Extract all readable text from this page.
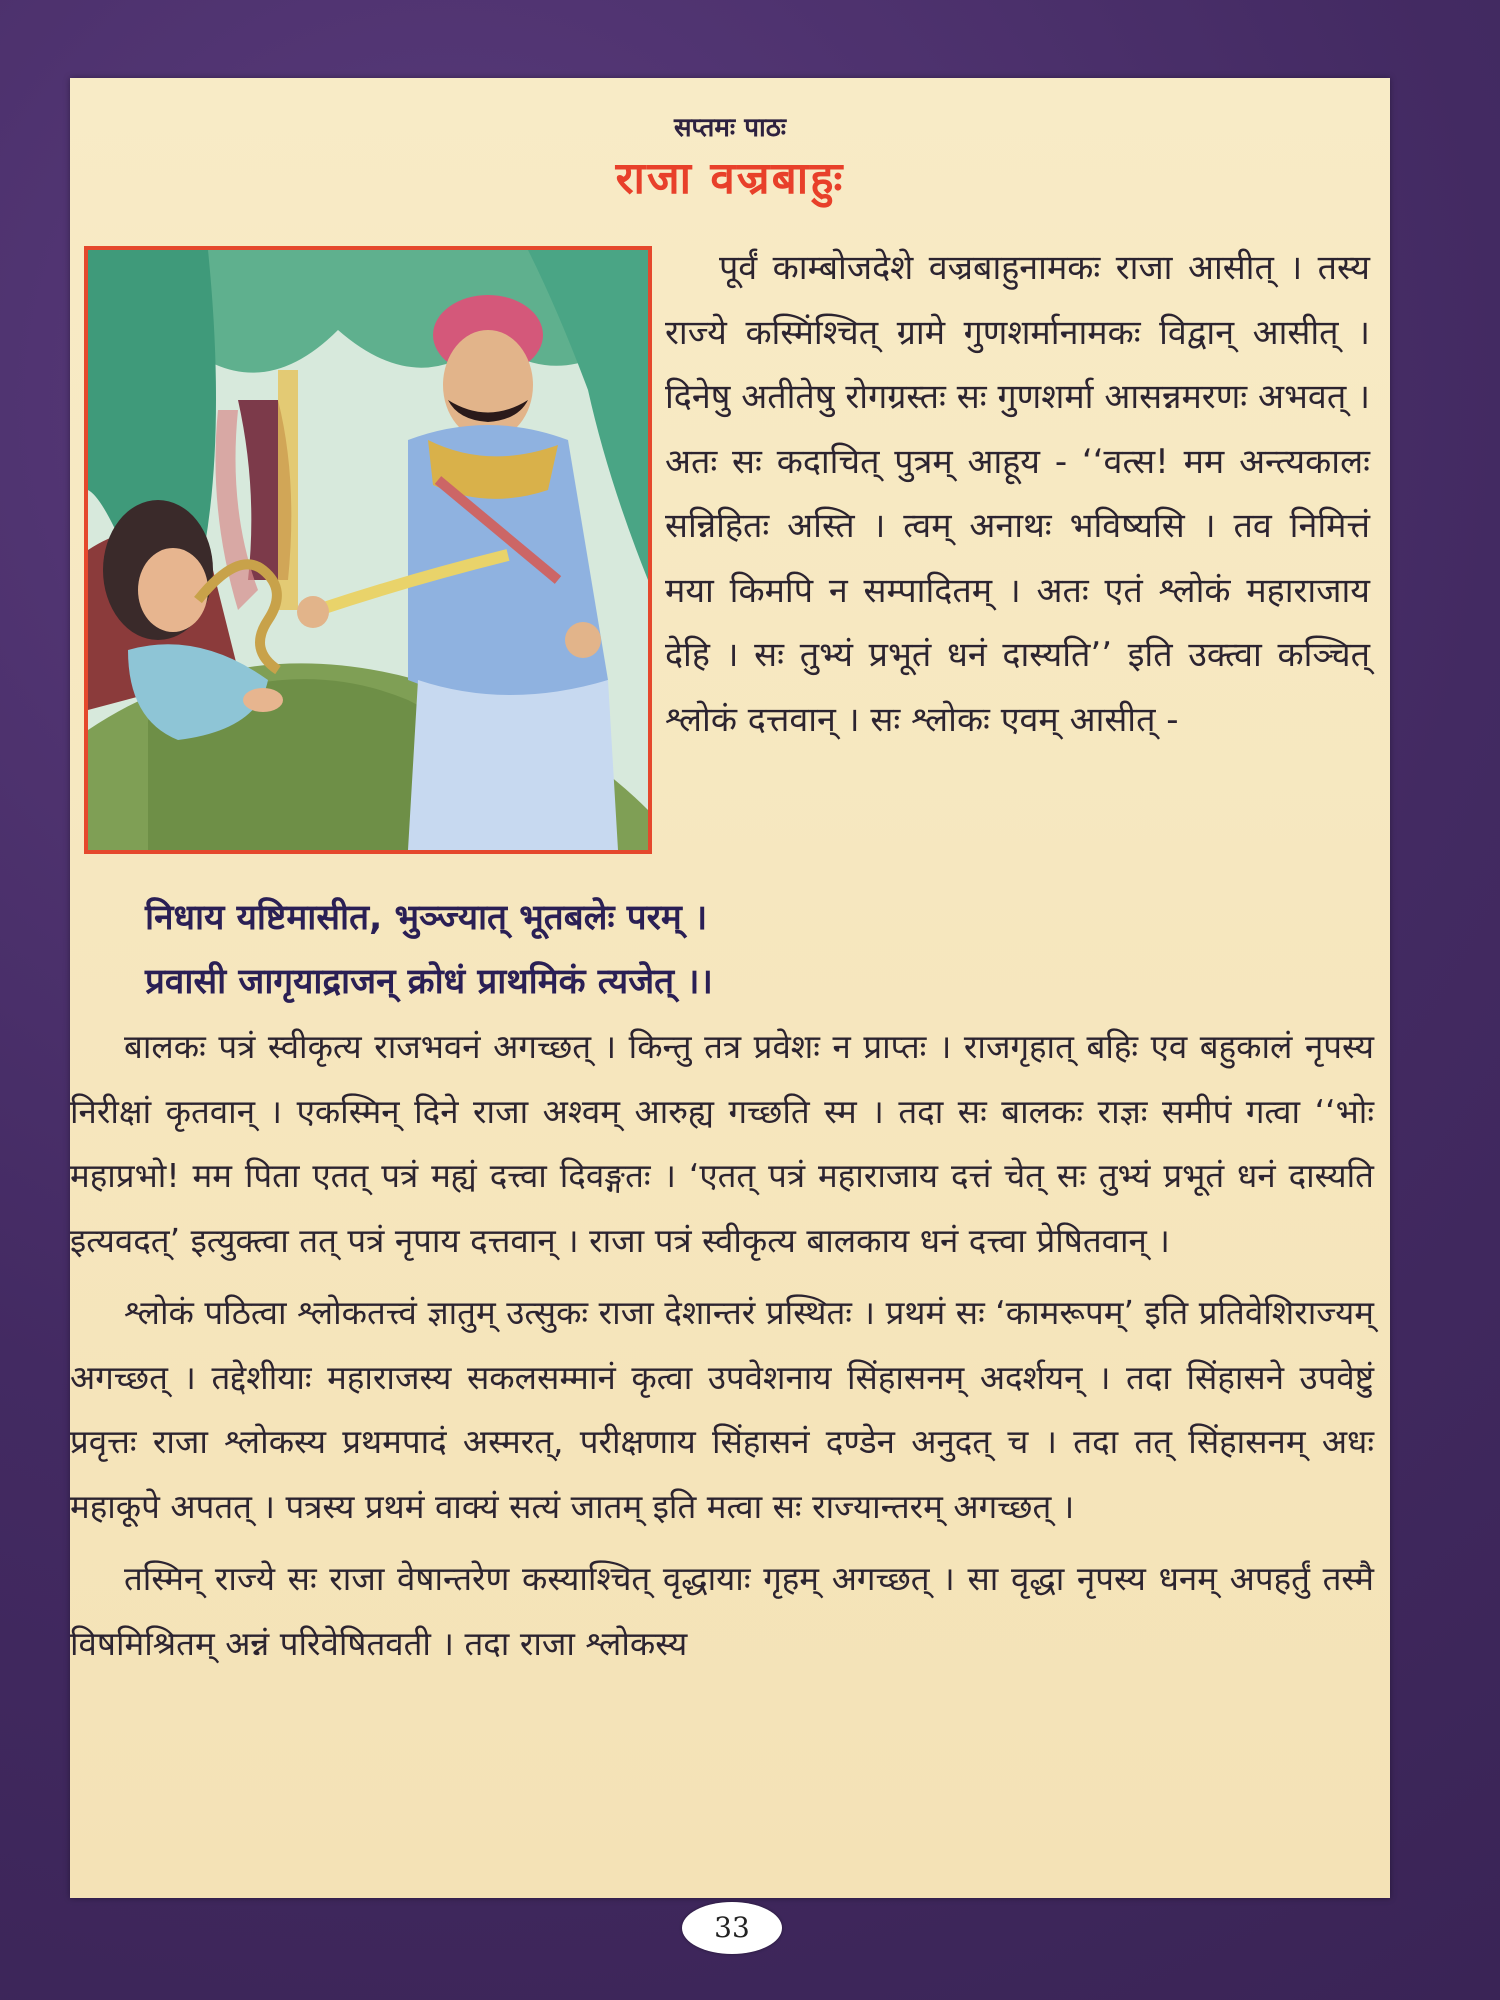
सप्तमः पाठः
राजा वज्रबाहुः

पूर्वं काम्बोजदेशे वज्रबाहुनामकः राजा आसीत् । तस्य राज्ये कस्मिंश्चित् ग्रामे गुणशर्मानामकः विद्वान् आसीत् । दिनेषु अतीतेषु रोगग्रस्तः सः गुणशर्मा आसन्नमरणः अभवत् । अतः सः कदाचित् पुत्रम् आहूय - ‘‘वत्स! मम अन्त्यकालः सन्निहितः अस्ति । त्वम् अनाथः भविष्यसि । तव निमित्तं मया किमपि न सम्पादितम् । अतः एतं श्लोकं महाराजाय देहि । सः तुभ्यं प्रभूतं धनं दास्यति’’ इति उक्त्वा कञ्चित् श्लोकं दत्तवान् । सः श्लोकः एवम् आसीत् -

निधाय यष्टिमासीत, भुञ्ज्यात् भूतबलेः परम् ।
प्रवासी जागृयाद्राजन् क्रोधं प्राथमिकं त्यजेत् ।।

बालकः पत्रं स्वीकृत्य राजभवनं अगच्छत् । किन्तु तत्र प्रवेशः न प्राप्तः । राजगृहात् बहिः एव बहुकालं नृपस्य निरीक्षां कृतवान् । एकस्मिन् दिने राजा अश्वम् आरुह्य गच्छति स्म । तदा सः बालकः राज्ञः समीपं गत्वा ‘‘भोः महाप्रभो! मम पिता एतत् पत्रं मह्यं दत्त्वा दिवङ्गतः । ‘एतत् पत्रं महाराजाय दत्तं चेत् सः तुभ्यं प्रभूतं धनं दास्यति इत्यवदत्’ इत्युक्त्वा तत् पत्रं नृपाय दत्तवान् । राजा पत्रं स्वीकृत्य बालकाय धनं दत्त्वा प्रेषितवान् ।

श्लोकं पठित्वा श्लोकतत्त्वं ज्ञातुम् उत्सुकः राजा देशान्तरं प्रस्थितः । प्रथमं सः ‘कामरूपम्’ इति प्रतिवेशिराज्यम् अगच्छत् । तद्देशीयाः महाराजस्य सकलसम्मानं कृत्वा उपवेशनाय सिंहासनम् अदर्शयन् । तदा सिंहासने उपवेष्टुं प्रवृत्तः राजा श्लोकस्य प्रथमपादं अस्मरत्, परीक्षणाय सिंहासनं दण्डेन अनुदत् च । तदा तत् सिंहासनम् अधः महाकूपे अपतत् । पत्रस्य प्रथमं वाक्यं सत्यं जातम् इति मत्वा सः राज्यान्तरम् अगच्छत् ।

तस्मिन् राज्ये सः राजा वेषान्तरेण कस्याश्चित् वृद्धायाः गृहम् अगच्छत् । सा वृद्धा नृपस्य धनम् अपहर्तुं तस्मै विषमिश्रितम् अन्नं परिवेषितवती । तदा राजा श्लोकस्य

33
